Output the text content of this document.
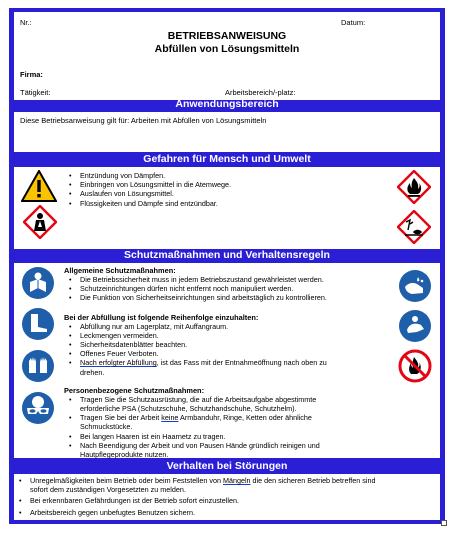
Nr.:	Datum:
BETRIEBSANWEISUNG
Abfüllen von Lösungsmitteln
Firma:
Tätigkeit:	Arbeitsbereich/-platz:
Anwendungsbereich
Diese Betriebsanweisung gilt für: Arbeiten mit Abfüllen von Lösungsmitteln
Gefahren für Mensch und Umwelt
• Entzündung von Dämpfen.
• Einbringen von Lösungsmittel in die Atemwege.
• Auslaufen von Lösungsmittel.
• Flüssigkeiten und Dämpfe sind entzündbar.
Schutzmaßnahmen und Verhaltensregeln
Allgemeine Schutzmaßnahmen:
• Die Betriebssicherheit muss in jedem Betriebszustand gewährleistet werden.
• Schutzeinrichtungen dürfen nicht entfernt noch manipuliert werden.
• Die Funktion von Sicherheitseinrichtungen sind arbeitstäglich zu kontrollieren.
Bei der Abfüllung ist folgende Reihenfolge einzuhalten:
• Abfüllung nur am Lagerplatz, mit Auffangraum.
• Leckmengen vermeiden.
• Sicherheitsdatenblätter beachten.
• Offenes Feuer Verboten.
• Nach erfolgter Abfüllung, ist das Fass mit der Entnahmeöffnung nach oben zu
drehen.
Personenbezogene Schutzmaßnahmen:
• Tragen Sie die Schutzausrüstung, die auf die Arbeitsaufgabe abgestimmte
erforderliche PSA (Schutzschuhe, Schutzhandschuhe, Schutzhelm).
• Tragen Sie bei der Arbeit keine Armbanduhr, Ringe, Ketten oder ähnliche
Schmuckstücke.
• Bei langen Haaren ist ein Haarnetz zu tragen.
• Nach Beendigung der Arbeit und von Pausen Hände gründlich reinigen und
Hautpflegeprodukte nutzen.
Verhalten bei Störungen
• Unregelmäßigkeiten beim Betrieb oder beim Feststellen von Mängeln die den sicheren Betrieb betreffen sind
sofort dem zuständigen Vorgesetzten zu melden.
• Bei erkennbaren Gefährdungen ist der Betrieb sofort einzustellen.
• Arbeitsbereich gegen unbefugtes Benutzen sichern.
